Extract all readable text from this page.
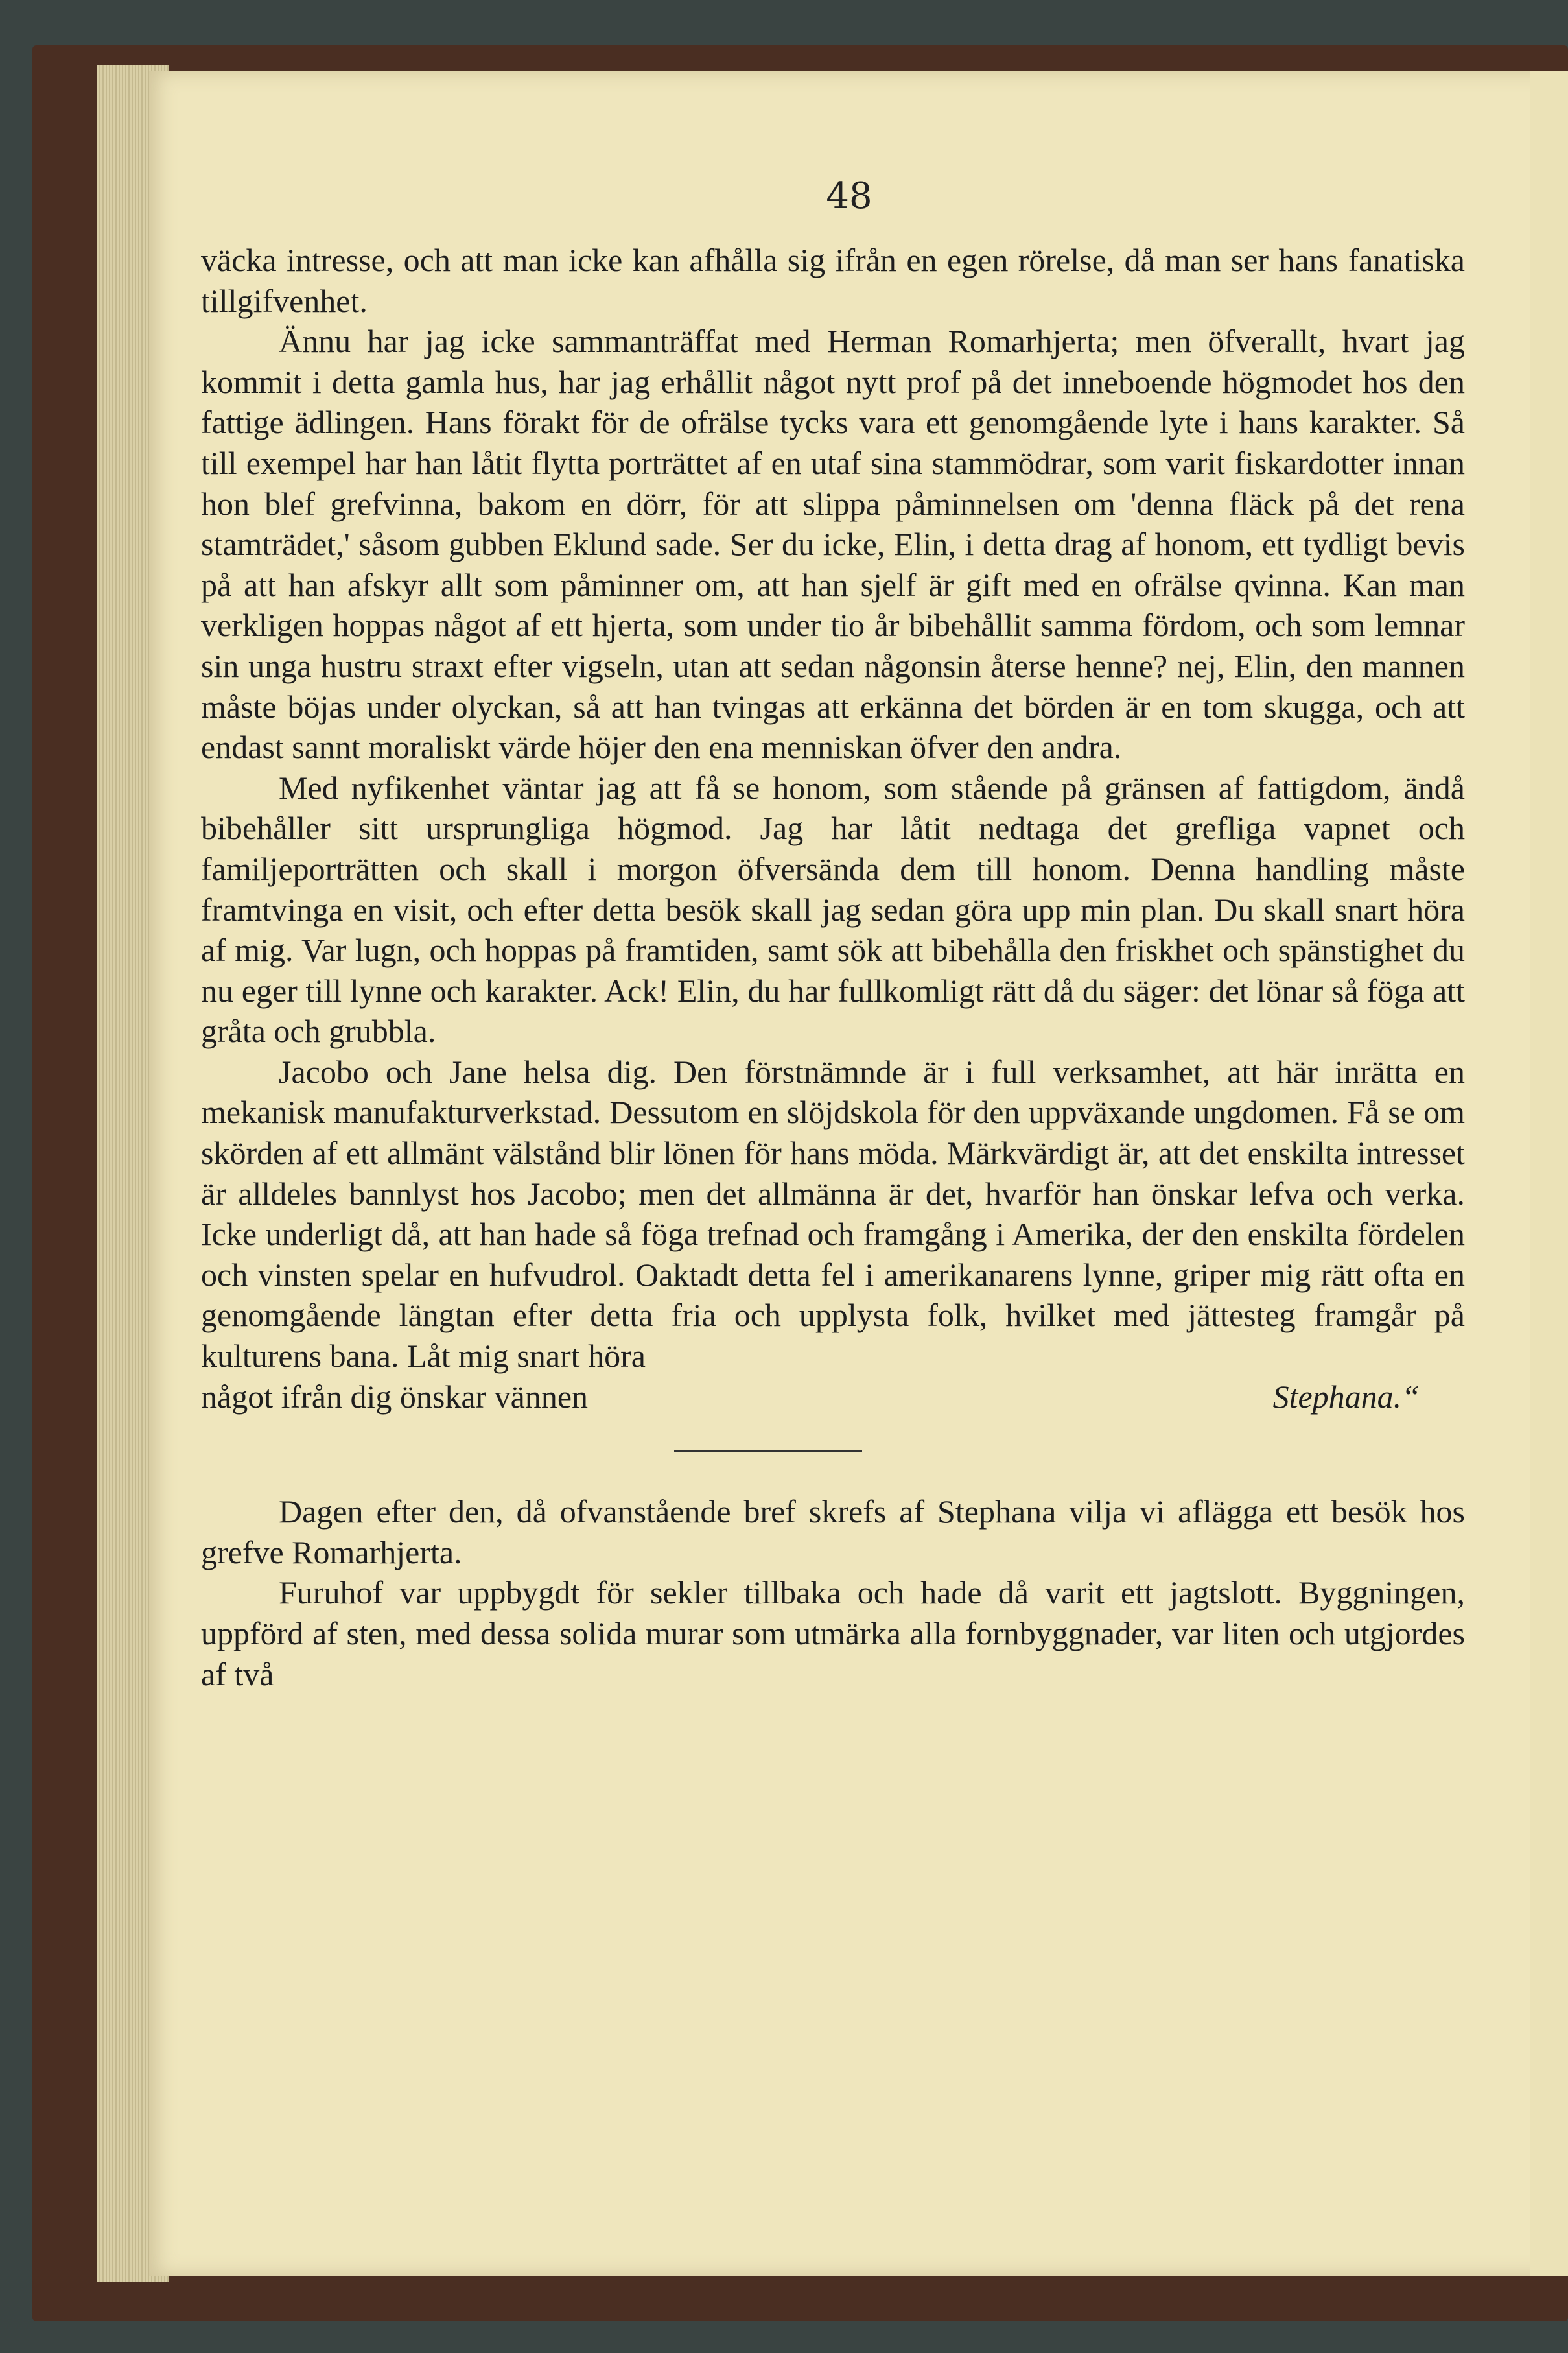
48

väcka intresse, och att man icke kan afhålla sig ifrån en egen rörelse, då man ser hans fanatiska tillgifvenhet.

Ännu har jag icke sammanträffat med Herman Romarhjerta; men öfverallt, hvart jag kommit i detta gamla hus, har jag erhållit något nytt prof på det inneboende högmodet hos den fattige ädlingen. Hans förakt för de ofrälse tycks vara ett genomgående lyte i hans karakter. Så till exempel har han låtit flytta porträttet af en utaf sina stammödrar, som varit fiskardotter innan hon blef grefvinna, bakom en dörr, för att slippa påminnelsen om 'denna fläck på det rena stamträdet,' såsom gubben Eklund sade. Ser du icke, Elin, i detta drag af honom, ett tydligt bevis på att han afskyr allt som påminner om, att han sjelf är gift med en ofrälse qvinna. Kan man verkligen hoppas något af ett hjerta, som under tio år bibehållit samma fördom, och som lemnar sin unga hustru straxt efter vigseln, utan att sedan någonsin återse henne? nej, Elin, den mannen måste böjas under olyckan, så att han tvingas att erkänna det börden är en tom skugga, och att endast sannt moraliskt värde höjer den ena menniskan öfver den andra.

Med nyfikenhet väntar jag att få se honom, som stående på gränsen af fattigdom, ändå bibehåller sitt ursprungliga högmod. Jag har låtit nedtaga det grefliga vapnet och familjeporträtten och skall i morgon öfversända dem till honom. Denna handling måste framtvinga en visit, och efter detta besök skall jag sedan göra upp min plan. Du skall snart höra af mig. Var lugn, och hoppas på framtiden, samt sök att bibehålla den friskhet och spänstighet du nu eger till lynne och karakter. Ack! Elin, du har fullkomligt rätt då du säger: det lönar så föga att gråta och grubbla.

Jacobo och Jane helsa dig. Den förstnämnde är i full verksamhet, att här inrätta en mekanisk manufakturverkstad. Dessutom en slöjdskola för den uppväxande ungdomen. Få se om skörden af ett allmänt välstånd blir lönen för hans möda. Märkvärdigt är, att det enskilta intresset är alldeles bannlyst hos Jacobo; men det allmänna är det, hvarför han önskar lefva och verka. Icke underligt då, att han hade så föga trefnad och framgång i Amerika, der den enskilta fördelen och vinsten spelar en hufvudrol. Oaktadt detta fel i amerikanarens lynne, griper mig rätt ofta en genomgående längtan efter detta fria och upplysta folk, hvilket med jättesteg framgår på kulturens bana. Låt mig snart höra

något ifrån dig önskar vännen	Stephana.“

Dagen efter den, då ofvanstående bref skrefs af Stephana vilja vi aflägga ett besök hos grefve Romarhjerta.

Furuhof var uppbygdt för sekler tillbaka och hade då varit ett jagtslott. Byggningen, uppförd af sten, med dessa solida murar som utmärka alla fornbyggnader, var liten och utgjordes af två
